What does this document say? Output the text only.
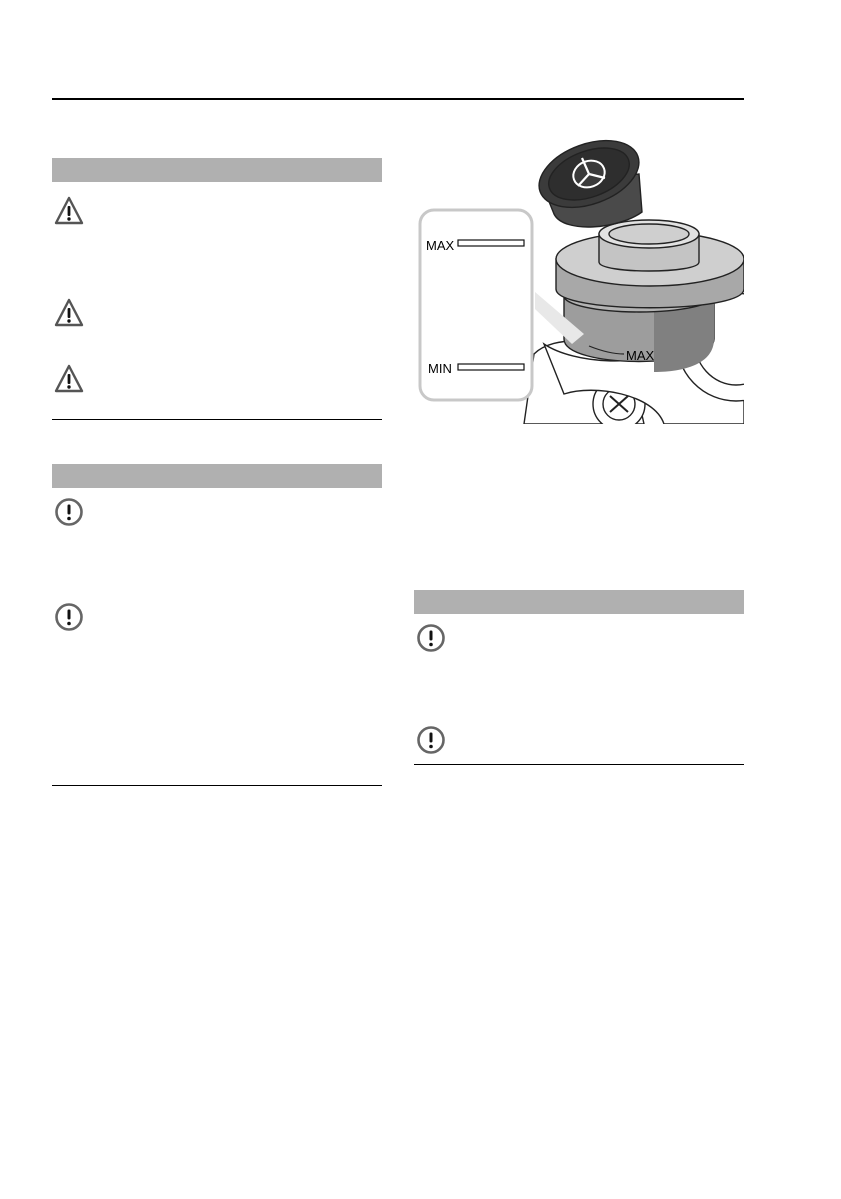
MAX
MAX
MIN
